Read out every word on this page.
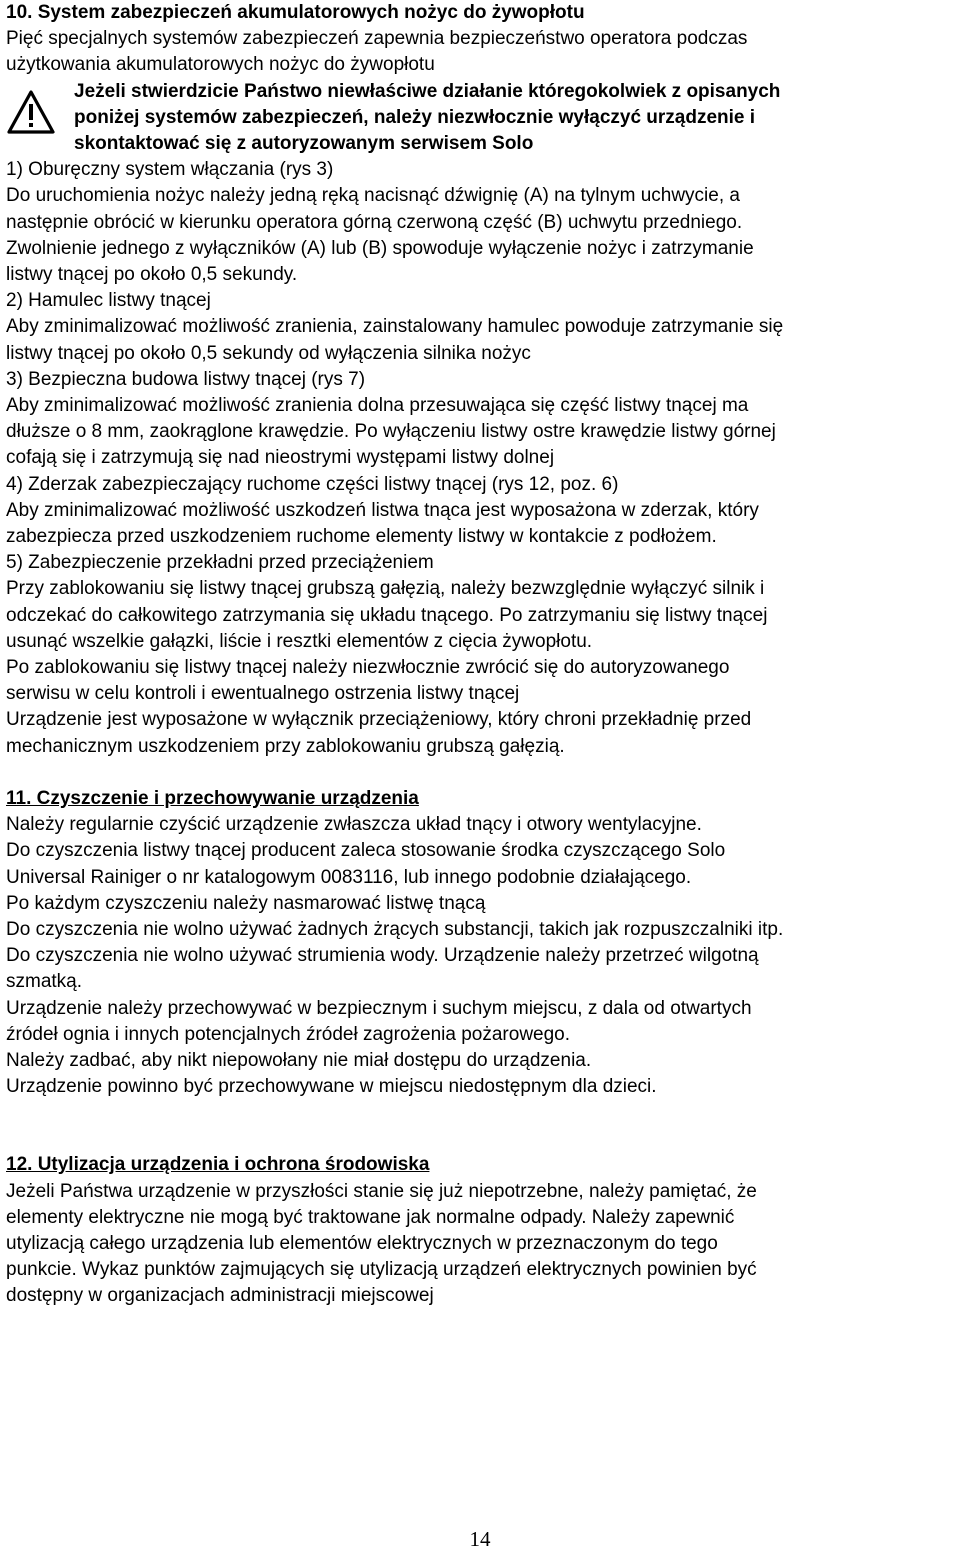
10. System zabezpieczeń akumulatorowych nożyc do żywopłotu
Pięć specjalnych systemów zabezpieczeń zapewnia bezpieczeństwo operatora podczas
użytkowania akumulatorowych nożyc do żywopłotu
Jeżeli stwierdzicie Państwo niewłaściwe działanie któregokolwiek z opisanych
poniżej systemów zabezpieczeń, należy niezwłocznie wyłączyć urządzenie i
skontaktować się z autoryzowanym serwisem Solo
1) Oburęczny system włączania (rys 3)
Do uruchomienia nożyc należy jedną ręką nacisnąć dźwignię (A) na tylnym uchwycie, a
następnie obrócić w kierunku operatora górną czerwoną część (B) uchwytu przedniego.
Zwolnienie jednego z wyłączników (A) lub (B) spowoduje wyłączenie nożyc i zatrzymanie
listwy tnącej po około 0,5 sekundy.
2) Hamulec listwy tnącej
Aby zminimalizować możliwość zranienia, zainstalowany hamulec powoduje zatrzymanie się
listwy tnącej po około 0,5 sekundy od wyłączenia silnika nożyc
3) Bezpieczna budowa listwy tnącej (rys 7)
Aby zminimalizować możliwość zranienia dolna przesuwająca się część listwy tnącej ma
dłuższe o 8 mm, zaokrąglone krawędzie. Po wyłączeniu listwy ostre krawędzie listwy górnej
cofają się i zatrzymują się nad nieostrymi występami listwy dolnej
4) Zderzak zabezpieczający ruchome części listwy tnącej (rys 12, poz. 6)
Aby zminimalizować możliwość uszkodzeń listwa tnąca jest wyposażona w zderzak, który
zabezpiecza przed uszkodzeniem ruchome elementy listwy w kontakcie z podłożem.
5) Zabezpieczenie przekładni przed przeciążeniem
Przy zablokowaniu się listwy tnącej grubszą gałęzią, należy bezwzględnie wyłączyć silnik i
odczekać do całkowitego zatrzymania się układu tnącego. Po zatrzymaniu się listwy tnącej
usunąć wszelkie gałązki, liście i resztki elementów z cięcia żywopłotu.
Po zablokowaniu się listwy tnącej należy niezwłocznie zwrócić się do autoryzowanego
serwisu w celu kontroli i ewentualnego ostrzenia listwy tnącej
Urządzenie jest wyposażone w wyłącznik przeciążeniowy, który chroni przekładnię przed
mechanicznym uszkodzeniem przy zablokowaniu grubszą gałęzią.
11. Czyszczenie i przechowywanie urządzenia
Należy regularnie czyścić urządzenie zwłaszcza układ tnący i otwory wentylacyjne.
Do czyszczenia listwy tnącej producent zaleca stosowanie środka czyszczącego Solo
Universal Rainiger o nr katalogowym 0083116, lub innego podobnie działającego.
Po każdym czyszczeniu należy nasmarować listwę tnącą
Do czyszczenia nie wolno używać żadnych żrących substancji, takich jak rozpuszczalniki itp.
Do czyszczenia nie wolno używać strumienia wody. Urządzenie należy przetrzeć wilgotną
szmatką.
Urządzenie należy przechowywać w bezpiecznym i suchym miejscu, z dala od otwartych
źródeł ognia i innych potencjalnych źródeł zagrożenia pożarowego.
Należy zadbać, aby nikt niepowołany nie miał dostępu do urządzenia.
Urządzenie powinno być przechowywane w miejscu niedostępnym dla dzieci.
12. Utylizacja urządzenia i ochrona środowiska
Jeżeli Państwa urządzenie w przyszłości stanie się już niepotrzebne, należy pamiętać, że
elementy elektryczne nie mogą być traktowane jak normalne odpady. Należy zapewnić
utylizacją całego urządzenia lub elementów elektrycznych w przeznaczonym do tego
punkcie. Wykaz punktów zajmujących się utylizacją urządzeń elektrycznych powinien być
dostępny w organizacjach administracji miejscowej
14
